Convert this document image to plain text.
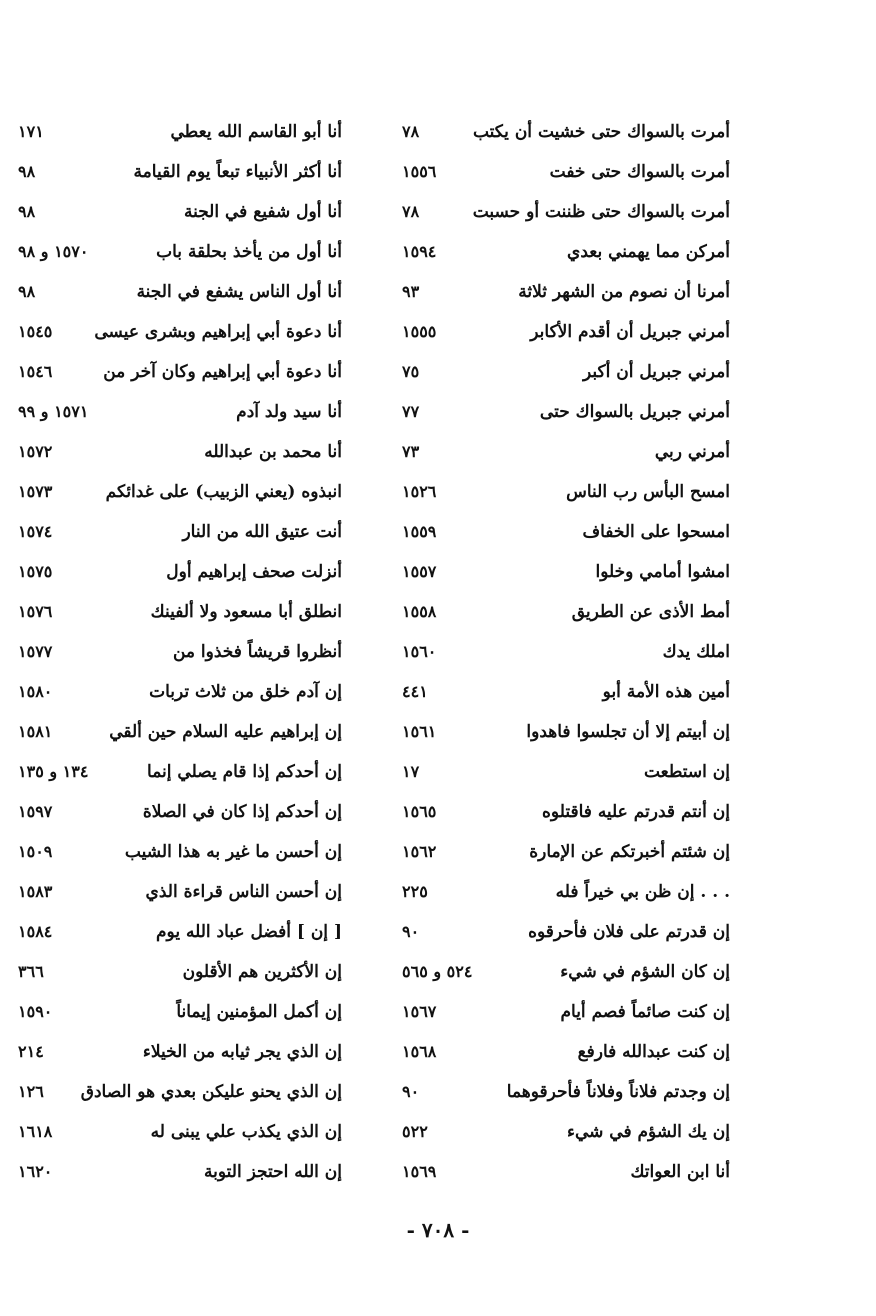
أمرت بالسواك حتى خشيت أن يكتب
٧٨
أمرت بالسواك حتى خفت
١٥٥٦
أمرت بالسواك حتى ظننت أو حسبت
٧٨
أمركن مما يهمني بعدي
١٥٩٤
أمرنا أن نصوم من الشهر ثلاثة
٩٣
أمرني جبريل أن أقدم الأكابر
١٥٥٥
أمرني جبريل أن أكبر
٧٥
أمرني جبريل بالسواك حتى
٧٧
أمرني ربي
٧٣
امسح البأس رب الناس
١٥٢٦
امسحوا على الخفاف
١٥٥٩
امشوا أمامي وخلوا
١٥٥٧
أمط الأذى عن الطريق
١٥٥٨
املك يدك
١٥٦٠
أمين هذه الأمة أبو
٤٤١
إن أبيتم إلا أن تجلسوا فاهدوا
١٥٦١
إن استطعت
١٧
إن أنتم قدرتم عليه فاقتلوه
١٥٦٥
إن شئتم أخبرتكم عن الإمارة
١٥٦٢
. . . إن ظن بي خيراً فله
٢٢٥
إن قدرتم على فلان فأحرقوه
٩٠
إن كان الشؤم في شيء
٥٢٤ و ٥٦٥
إن كنت صائماً فصم أيام
١٥٦٧
إن كنت عبدالله فارفع
١٥٦٨
إن وجدتم فلاناً وفلاناً فأحرقوهما
٩٠
إن يك الشؤم في شيء
٥٢٢
أنا ابن العواتك
١٥٦٩
أنا أبو القاسم الله يعطي
١٧١
أنا أكثر الأنبياء تبعاً يوم القيامة
٩٨
أنا أول شفيع في الجنة
٩٨
أنا أول من يأخذ بحلقة باب
١٥٧٠ و ٩٨
أنا أول الناس يشفع في الجنة
٩٨
أنا دعوة أبي إبراهيم وبشرى عيسى
١٥٤٥
أنا دعوة أبي إبراهيم وكان آخر من
١٥٤٦
أنا سيد ولد آدم
١٥٧١ و ٩٩
أنا محمد بن عبدالله
١٥٧٢
انبذوه (يعني الزبيب) على غدائكم
١٥٧٣
أنت عتيق الله من النار
١٥٧٤
أنزلت صحف إبراهيم أول
١٥٧٥
انطلق أبا مسعود ولا ألفينك
١٥٧٦
أنظروا قريشاً فخذوا من
١٥٧٧
إن آدم خلق من ثلاث تربات
١٥٨٠
إن إبراهيم عليه السلام حين ألقي
١٥٨١
إن أحدكم إذا قام يصلي إنما
١٣٤ و ١٣٥
إن أحدكم إذا كان في الصلاة
١٥٩٧
إن أحسن ما غير به هذا الشيب
١٥٠٩
إن أحسن الناس قراءة الذي
١٥٨٣
[ إن ] أفضل عباد الله يوم
١٥٨٤
إن الأكثرين هم الأقلون
٣٦٦
إن أكمل المؤمنين إيماناً
١٥٩٠
إن الذي يجر ثيابه من الخيلاء
٢١٤
إن الذي يحنو عليكن بعدي هو الصادق
١٢٦
إن الذي يكذب علي يبنى له
١٦١٨
إن الله احتجز التوبة
١٦٢٠
- ٧٠٨ -
